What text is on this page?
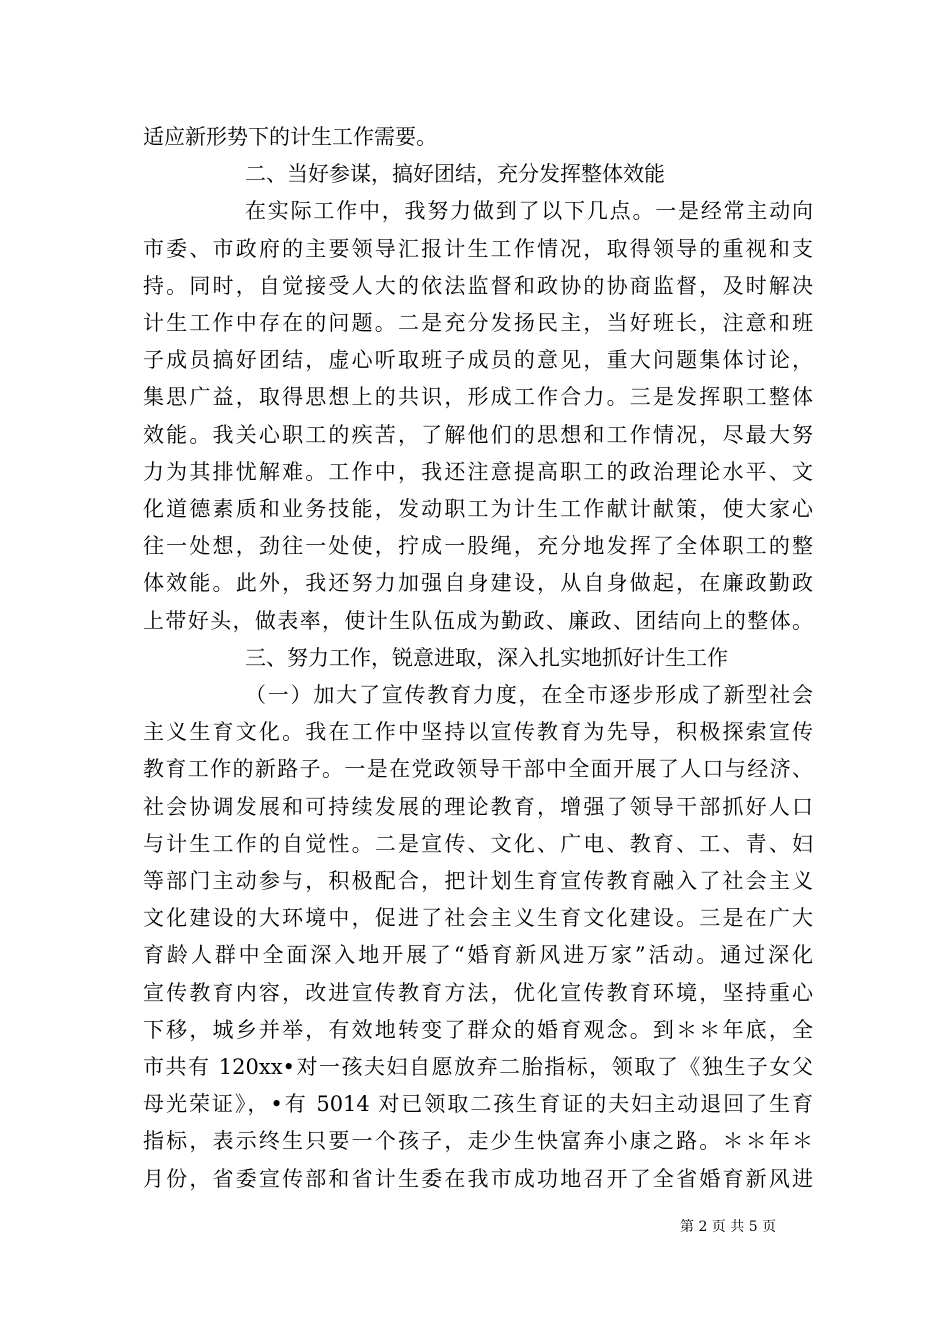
适应新形势下的计生工作需要。
二、当好参谋，搞好团结，充分发挥整体效能
在实际工作中，我努力做到了以下几点。一是经常主动向
市委、市政府的主要领导汇报计生工作情况，取得领导的重视和支
持。同时，自觉接受人大的依法监督和政协的协商监督，及时解决
计生工作中存在的问题。二是充分发扬民主，当好班长，注意和班
子成员搞好团结，虚心听取班子成员的意见，重大问题集体讨论，
集思广益，取得思想上的共识，形成工作合力。三是发挥职工整体
效能。我关心职工的疾苦，了解他们的思想和工作情况，尽最大努
力为其排忧解难。工作中，我还注意提高职工的政治理论水平、文
化道德素质和业务技能，发动职工为计生工作献计献策，使大家心
往一处想，劲往一处使，拧成一股绳，充分地发挥了全体职工的整
体效能。此外，我还努力加强自身建设，从自身做起，在廉政勤政
上带好头，做表率，使计生队伍成为勤政、廉政、团结向上的整体。
三、努力工作，锐意进取，深入扎实地抓好计生工作
（一）加大了宣传教育力度，在全市逐步形成了新型社会
主义生育文化。我在工作中坚持以宣传教育为先导，积极探索宣传
教育工作的新路子。一是在党政领导干部中全面开展了人口与经济、
社会协调发展和可持续发展的理论教育，增强了领导干部抓好人口
与计生工作的自觉性。二是宣传、文化、广电、教育、工、青、妇
等部门主动参与，积极配合，把计划生育宣传教育融入了社会主义
文化建设的大环境中，促进了社会主义生育文化建设。三是在广大
育龄人群中全面深入地开展了“婚育新风进万家”活动。通过深化
宣传教育内容，改进宣传教育方法，优化宣传教育环境，坚持重心
下移，城乡并举，有效地转变了群众的婚育观念。到＊＊年底，全
市共有 120xx•对一孩夫妇自愿放弃二胎指标，领取了《独生子女父
母光荣证》，•有 5014 对已领取二孩生育证的夫妇主动退回了生育
指标，表示终生只要一个孩子，走少生快富奔小康之路。＊＊年＊
月份，省委宣传部和省计生委在我市成功地召开了全省婚育新风进
第 2 页 共 5 页
